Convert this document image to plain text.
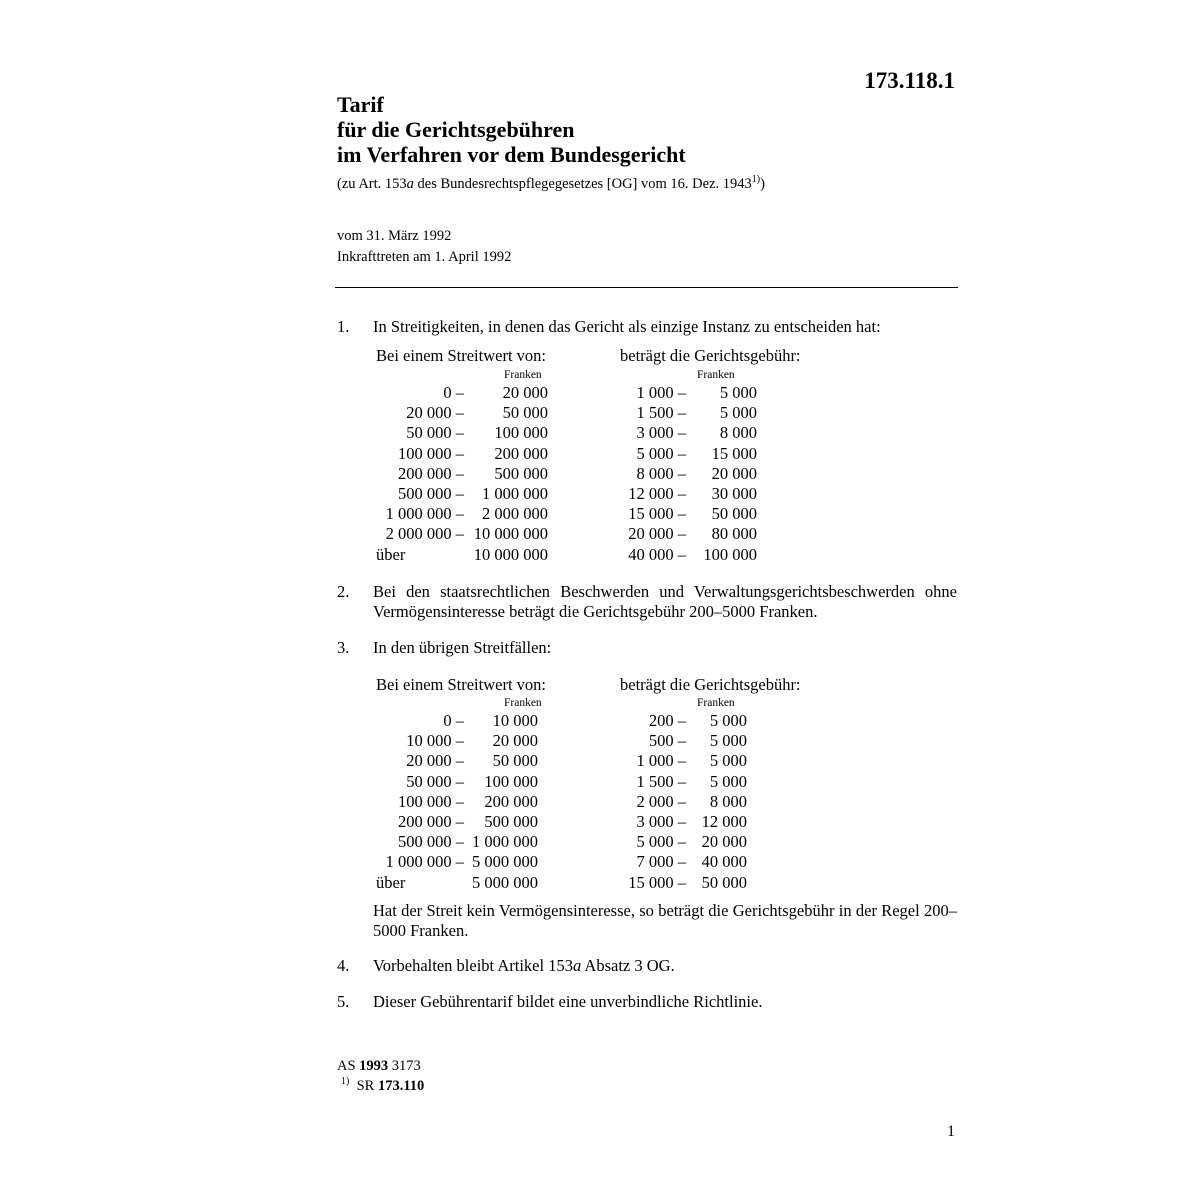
173.118.1
Tarif
für die Gerichtsgebühren
im Verfahren vor dem Bundesgericht
(zu Art. 153a des Bundesrechtspflegegesetzes [OG] vom 16. Dez. 1943$^{1)}$)
vom 31. März 1992
Inkrafttreten am 1. April 1992
1. In Streitigkeiten, in denen das Gericht als einzige Instanz zu entscheiden hat:
Bei einem Streitwert von:	beträgt die Gerichtsgebühr:
Franken	Franken
0 – 20 000	1 000 – 5 000
20 000 – 50 000	1 500 – 5 000
50 000 – 100 000	3 000 – 8 000
100 000 – 200 000	5 000 – 15 000
200 000 – 500 000	8 000 – 20 000
500 000 – 1 000 000	12 000 – 30 000
1 000 000 – 2 000 000	15 000 – 50 000
2 000 000 – 10 000 000	20 000 – 80 000
über	10 000 000	40 000 – 100 000
2. Bei den staatsrechtlichen Beschwerden und Verwaltungsgerichtsbeschwerden ohne Vermögensinteresse beträgt die Gerichtsgebühr 200–5000 Franken.
3. In den übrigen Streitfällen:
Bei einem Streitwert von:	beträgt die Gerichtsgebühr:
Franken	Franken
0 – 10 000	200 – 5 000
10 000 – 20 000	500 – 5 000
20 000 – 50 000	1 000 – 5 000
50 000 – 100 000	1 500 – 5 000
100 000 – 200 000	2 000 – 8 000
200 000 – 500 000	3 000 – 12 000
500 000 – 1 000 000	5 000 – 20 000
1 000 000 – 5 000 000	7 000 – 40 000
über	5 000 000	15 000 – 50 000
Hat der Streit kein Vermögensinteresse, so beträgt die Gerichtsgebühr in der Regel 200–5000 Franken.
4. Vorbehalten bleibt Artikel 153a Absatz 3 OG.
5. Dieser Gebührentarif bildet eine unverbindliche Richtlinie.
AS 1993 3173
$^{1)}$ SR 173.110
1
